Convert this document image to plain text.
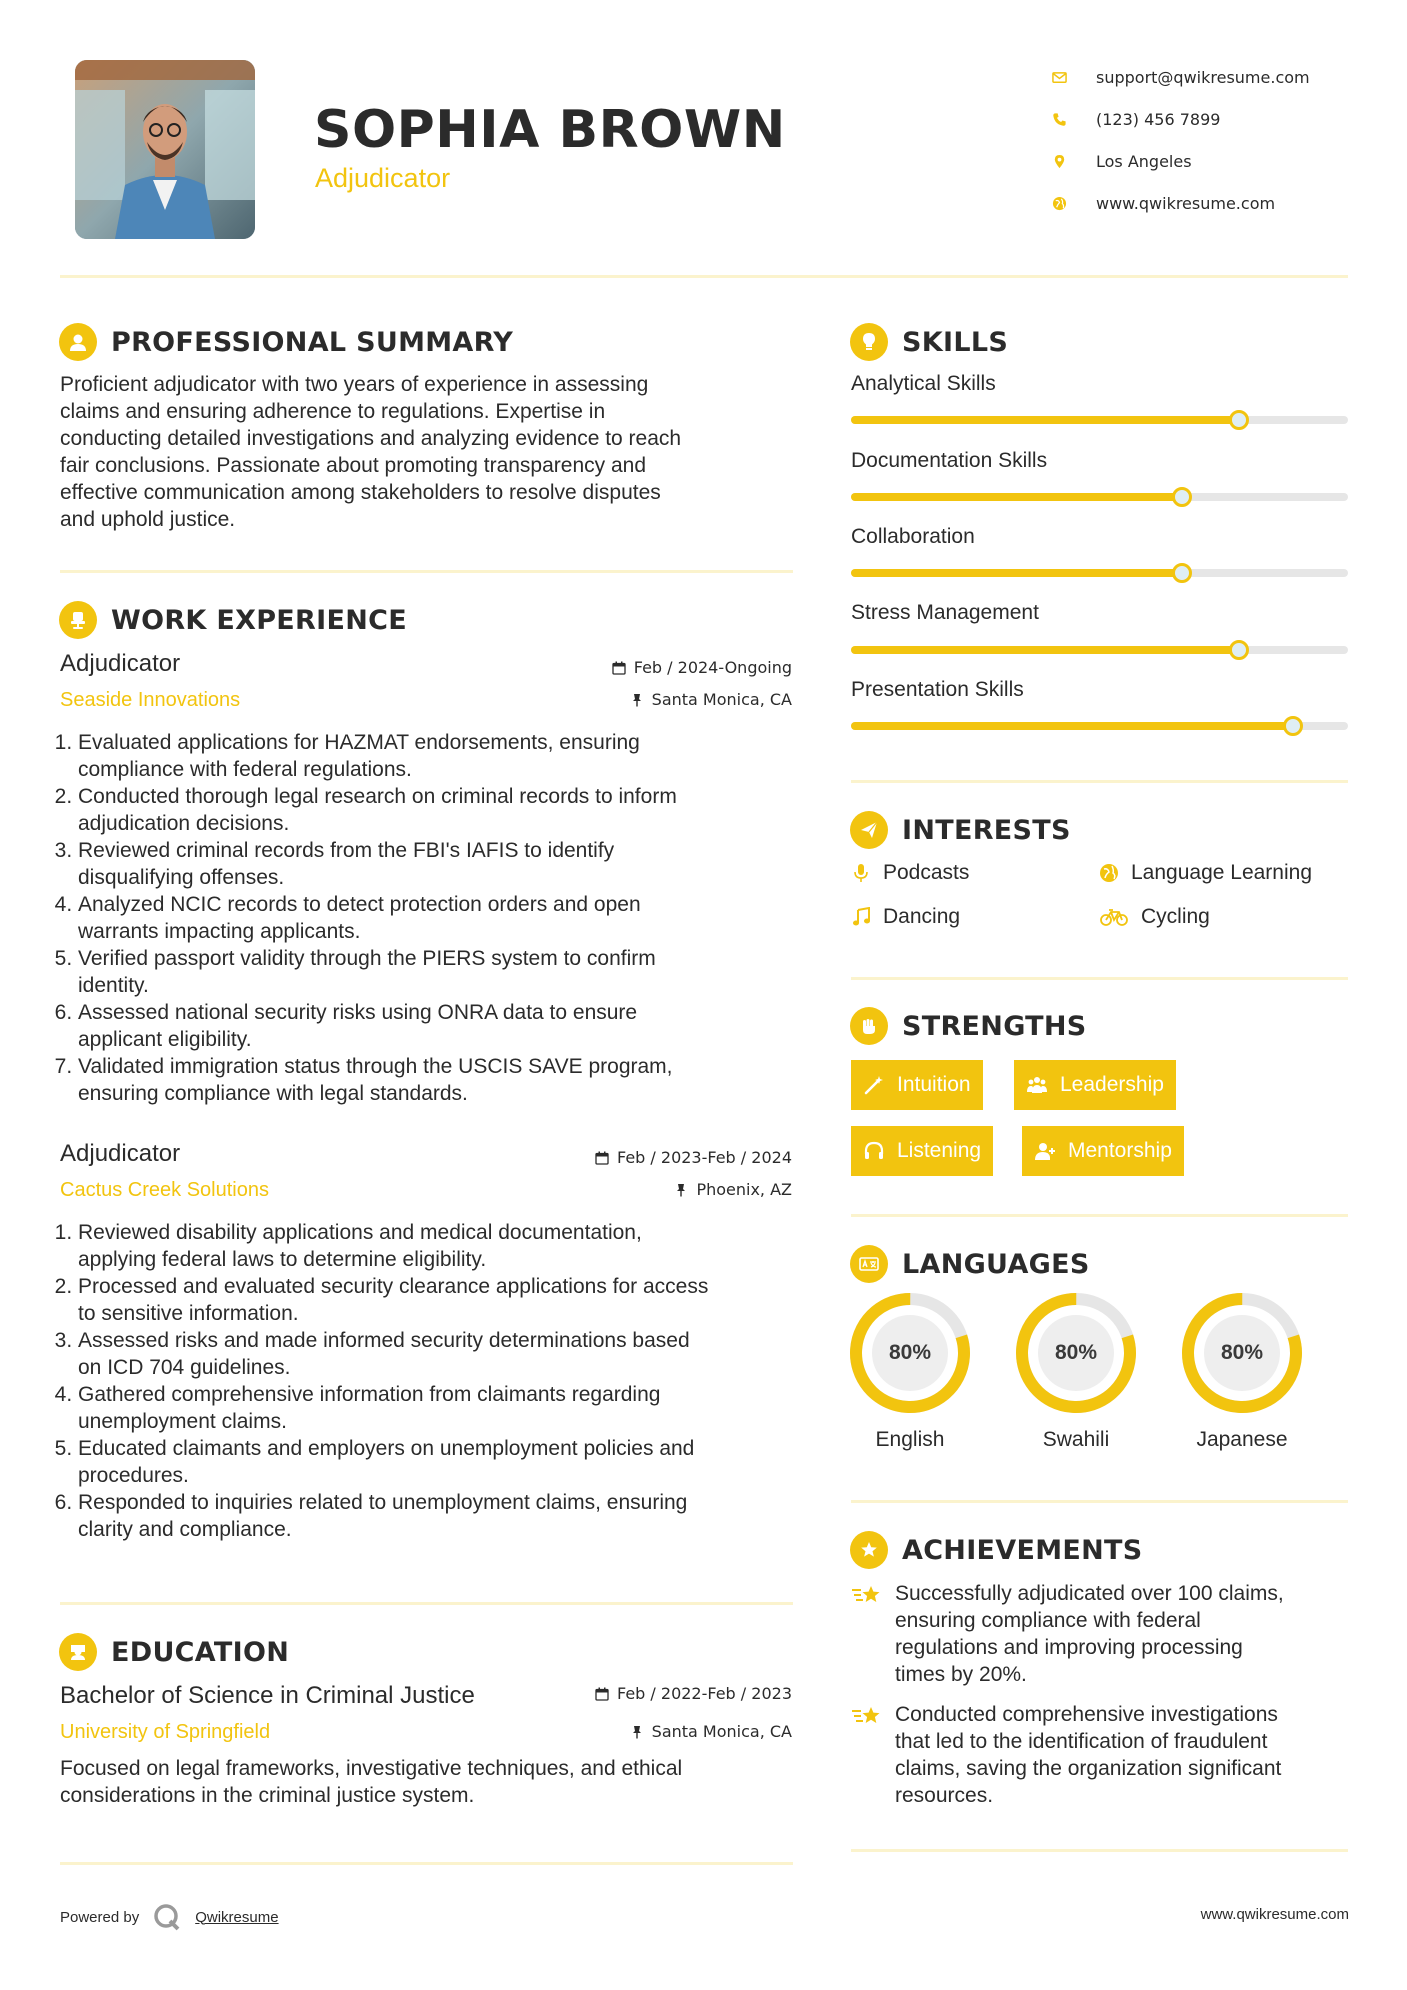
SOPHIA BROWN
Adjudicator
support@qwikresume.com
(123) 456 7899
Los Angeles
www.qwikresume.com
PROFESSIONAL SUMMARY
Proficient adjudicator with two years of experience in assessing
claims and ensuring adherence to regulations. Expertise in
conducting detailed investigations and analyzing evidence to reach
fair conclusions. Passionate about promoting transparency and
effective communication among stakeholders to resolve disputes
and uphold justice.
WORK EXPERIENCE
Adjudicator	Feb / 2024-Ongoing
Seaside Innovations	Santa Monica, CA
1. Evaluated applications for HAZMAT endorsements, ensuring
compliance with federal regulations.
2. Conducted thorough legal research on criminal records to inform
adjudication decisions.
3. Reviewed criminal records from the FBI's IAFIS to identify
disqualifying offenses.
4. Analyzed NCIC records to detect protection orders and open
warrants impacting applicants.
5. Verified passport validity through the PIERS system to confirm
identity.
6. Assessed national security risks using ONRA data to ensure
applicant eligibility.
7. Validated immigration status through the USCIS SAVE program,
ensuring compliance with legal standards.
Adjudicator	Feb / 2023-Feb / 2024
Cactus Creek Solutions	Phoenix, AZ
1. Reviewed disability applications and medical documentation,
applying federal laws to determine eligibility.
2. Processed and evaluated security clearance applications for access
to sensitive information.
3. Assessed risks and made informed security determinations based
on ICD 704 guidelines.
4. Gathered comprehensive information from claimants regarding
unemployment claims.
5. Educated claimants and employers on unemployment policies and
procedures.
6. Responded to inquiries related to unemployment claims, ensuring
clarity and compliance.
EDUCATION
Bachelor of Science in Criminal Justice	Feb / 2022-Feb / 2023
University of Springfield	Santa Monica, CA
Focused on legal frameworks, investigative techniques, and ethical
considerations in the criminal justice system.
SKILLS
Analytical Skills
Documentation Skills
Collaboration
Stress Management
Presentation Skills
INTERESTS
Podcasts	Language Learning
Dancing	Cycling
STRENGTHS
Intuition	Leadership
Listening	Mentorship
LANGUAGES
80%
English
80%
Swahili
80%
Japanese
ACHIEVEMENTS
Successfully adjudicated over 100 claims,
ensuring compliance with federal
regulations and improving processing
times by 20%.
Conducted comprehensive investigations
that led to the identification of fraudulent
claims, saving the organization significant
resources.
Powered by	Qwikresume	www.qwikresume.com
